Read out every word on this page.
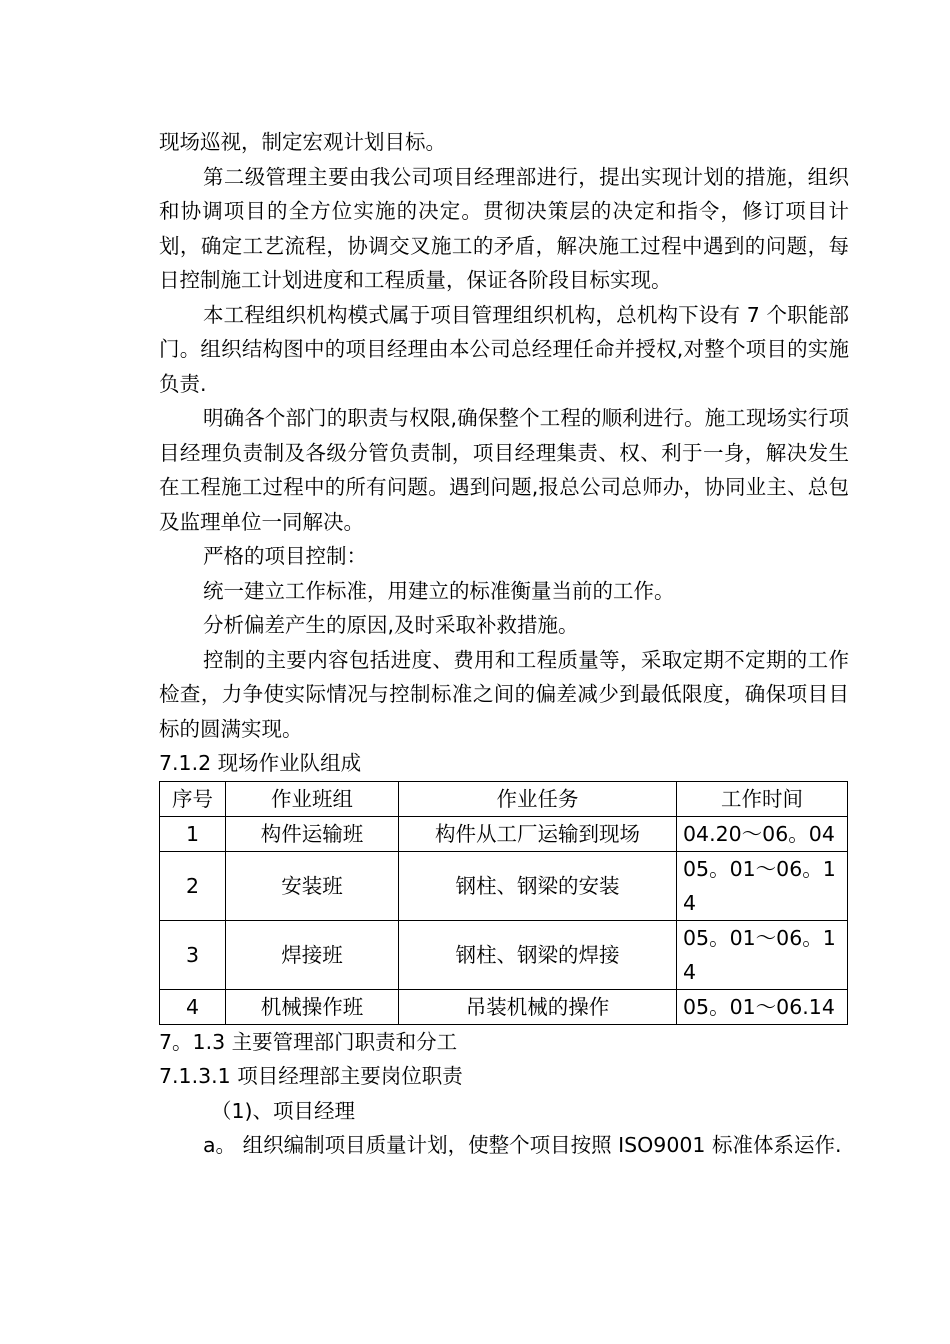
现场巡视，制定宏观计划目标。

第二级管理主要由我公司项目经理部进行，提出实现计划的措施，组织和协调项目的全方位实施的决定。贯彻决策层的决定和指令，修订项目计划，确定工艺流程，协调交叉施工的矛盾，解决施工过程中遇到的问题，每日控制施工计划进度和工程质量，保证各阶段目标实现。

本工程组织机构模式属于项目管理组织机构，总机构下设有 7 个职能部门。组织结构图中的项目经理由本公司总经理任命并授权,对整个项目的实施负责.

明确各个部门的职责与权限,确保整个工程的顺利进行。施工现场实行项目经理负责制及各级分管负责制，项目经理集责、权、利于一身，解决发生在工程施工过程中的所有问题。遇到问题,报总公司总师办，协同业主、总包及监理单位一同解决。

严格的项目控制：

统一建立工作标准，用建立的标准衡量当前的工作。

分析偏差产生的原因,及时采取补救措施。

控制的主要内容包括进度、费用和工程质量等，采取定期不定期的工作检查，力争使实际情况与控制标准之间的偏差减少到最低限度，确保项目目标的圆满实现。

7.1.2 现场作业队组成

序号	作业班组	作业任务	工作时间
1	构件运输班	构件从工厂运输到现场	04.20～06。04
2	安装班	钢柱、钢梁的安装	05。01～06。14
3	焊接班	钢柱、钢梁的焊接	05。01～06。14
4	机械操作班	吊装机械的操作	05。01～06.14

7。1.3 主要管理部门职责和分工

7.1.3.1 项目经理部主要岗位职责

（1)、项目经理

a。 组织编制项目质量计划，使整个项目按照 ISO9001 标准体系运作.
